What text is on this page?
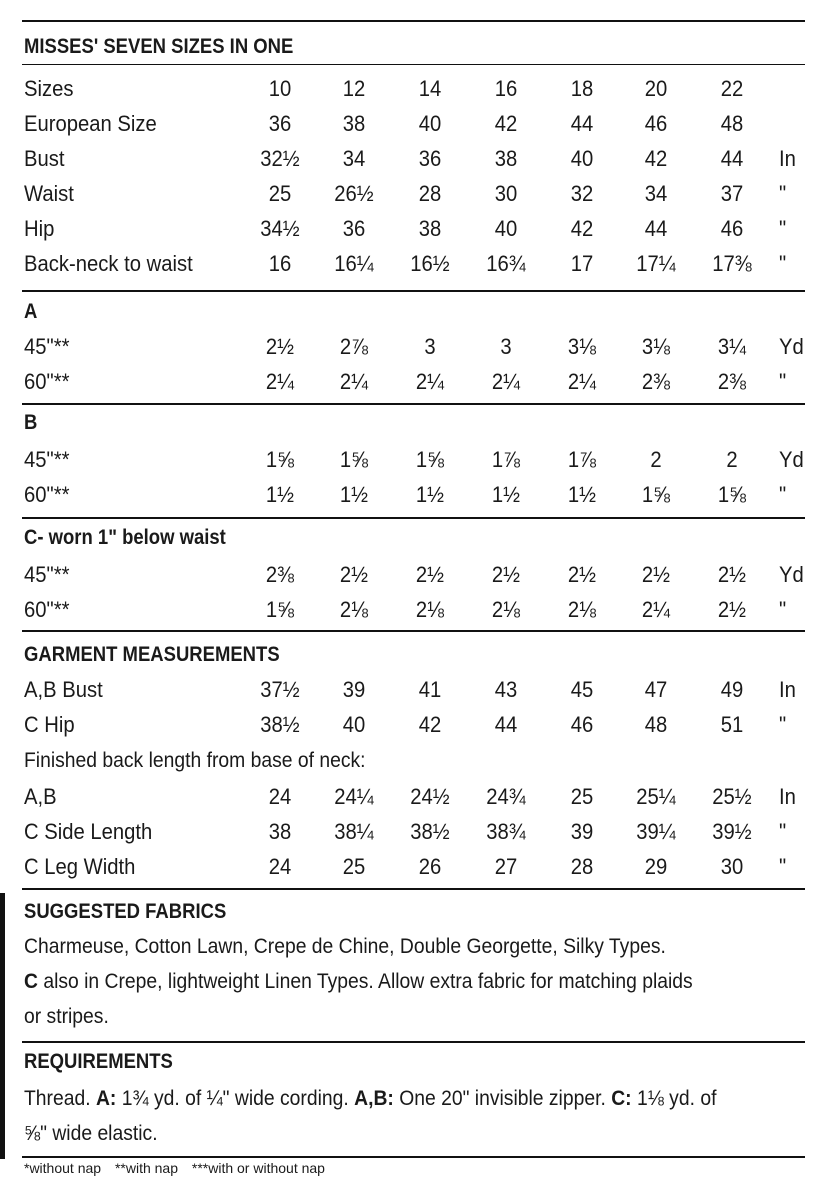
MISSES' SEVEN SIZES IN ONE
Sizes	10	12	14	16	18	20	22
European Size	36	38	40	42	44	46	48
Bust	32½	34	36	38	40	42	44	In
Waist	25	26½	28	30	32	34	37	"
Hip	34½	36	38	40	42	44	46	"
Back-neck to waist	16	16¼	16½	16¾	17	17¼	17⅜	"
A
45"**	2½	2⅞	3	3	3⅛	3⅛	3¼	Yd
60"**	2¼	2¼	2¼	2¼	2¼	2⅜	2⅜	"
B
45"**	1⅝	1⅝	1⅝	1⅞	1⅞	2	2	Yd
60"**	1½	1½	1½	1½	1½	1⅝	1⅝	"
C- worn 1" below waist
45"**	2⅜	2½	2½	2½	2½	2½	2½	Yd
60"**	1⅝	2⅛	2⅛	2⅛	2⅛	2¼	2½	"
GARMENT MEASUREMENTS
A,B Bust	37½	39	41	43	45	47	49	In
C Hip	38½	40	42	44	46	48	51	"
Finished back length from base of neck:
A,B	24	24¼	24½	24¾	25	25¼	25½	In
C Side Length	38	38¼	38½	38¾	39	39¼	39½	"
C Leg Width	24	25	26	27	28	29	30	"
SUGGESTED FABRICS
Charmeuse, Cotton Lawn, Crepe de Chine, Double Georgette, Silky Types.
C also in Crepe, lightweight Linen Types. Allow extra fabric for matching plaids
or stripes.
REQUIREMENTS
Thread. A: 1¾ yd. of ¼" wide cording. A,B: One 20" invisible zipper. C: 1⅛ yd. of
⅝" wide elastic.
*without nap **with nap ***with or without nap
